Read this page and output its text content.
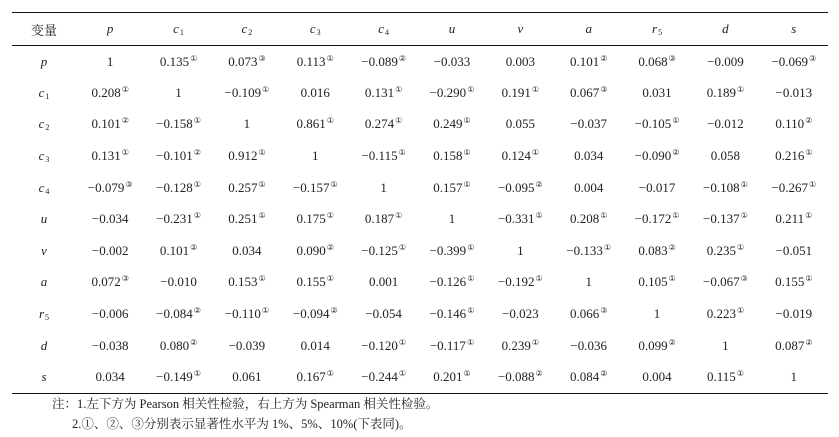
变量	p	$c_1$	$c_2$	$c_3$	$c_4$	u	v	a	$r_5$	d	s
p	1	0.135①	0.073③	0.113①	−0.089②	−0.033	0.003	0.101②	0.068③	−0.009	−0.069③
$c_1$	0.208①	1	−0.109①	0.016	0.131①	−0.290①	0.191①	0.067③	0.031	0.189①	−0.013
$c_2$	0.101②	−0.158①	1	0.861①	0.274①	0.249①	0.055	−0.037	−0.105①	−0.012	0.110②
$c_3$	0.131①	−0.101②	0.912①	1	−0.115①	0.158①	0.124①	0.034	−0.090②	0.058	0.216①
$c_4$	−0.079③	−0.128①	0.257①	−0.157①	1	0.157①	−0.095②	0.004	−0.017	−0.108①	−0.267①
u	−0.034	−0.231①	0.251①	0.175①	0.187①	1	−0.331①	0.208①	−0.172①	−0.137①	0.211①
v	−0.002	0.101②	0.034	0.090②	−0.125①	−0.399①	1	−0.133①	0.083②	0.235①	−0.051
a	0.072③	−0.010	0.153①	0.155①	0.001	−0.126①	−0.192①	1	0.105①	−0.067③	0.155①
$r_5$	−0.006	−0.084②	−0.110①	−0.094②	−0.054	−0.146①	−0.023	0.066③	1	0.223①	−0.019
d	−0.038	0.080②	−0.039	0.014	−0.120①	−0.117①	0.239①	−0.036	0.099②	1	0.087②
s	0.034	−0.149①	0.061	0.167①	−0.244①	0.201①	−0.088②	0.084②	0.004	0.115①	1
注：1.左下方为 Pearson 相关性检验，右上方为 Spearman 相关性检验。
2.①、②、③分别表示显著性水平为 1%、5%、10%(下表同)。
